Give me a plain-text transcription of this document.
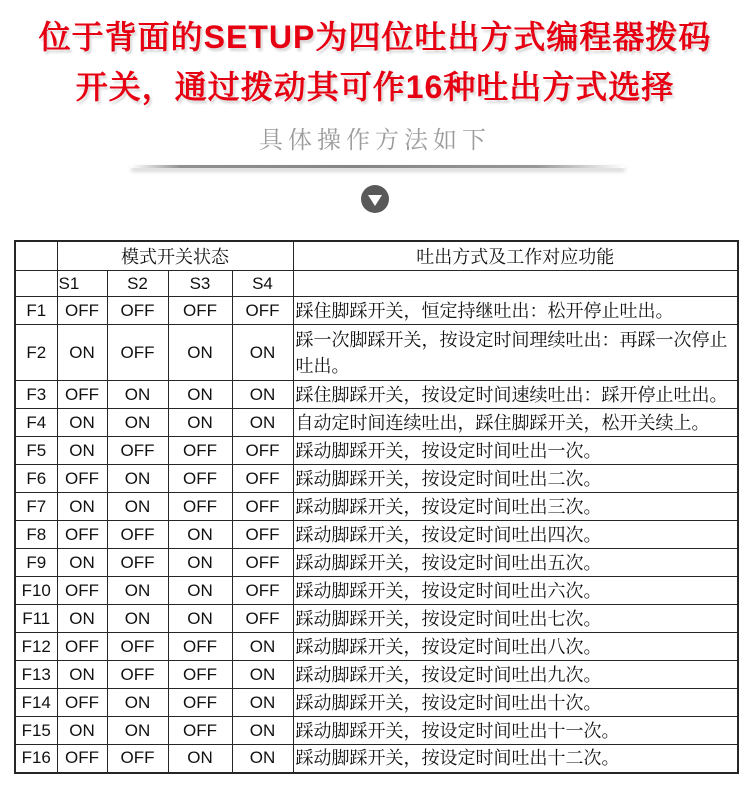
位于背面的SETUP为四位吐出方式编程器拨码
开关，通过拨动其可作16种吐出方式选择
具体操作方法如下
	模式开关状态				吐出方式及工作对应功能
	S1	S2	S3	S4	
F1	OFF	OFF	OFF	OFF	踩住脚踩开关，恒定持继吐出：松开停止吐出。
F2	ON	OFF	ON	ON	踩一次脚踩开关，按设定时间理续吐出：再踩一次停止吐出。
F3	OFF	ON	ON	ON	踩住脚踩开关，按设定时间速续吐出：踩开停止吐出。
F4	ON	ON	ON	ON	自动定时间连续吐出，踩住脚踩开关，松开关续上。
F5	ON	OFF	OFF	OFF	踩动脚踩开关，按设定时间吐出一次。
F6	OFF	ON	OFF	OFF	踩动脚踩开关，按设定时间吐出二次。
F7	ON	ON	OFF	OFF	踩动脚踩开关，按设定时间吐出三次。
F8	OFF	OFF	ON	OFF	踩动脚踩开关，按设定时间吐出四次。
F9	ON	OFF	ON	OFF	踩动脚踩开关，按设定时间吐出五次。
F10	OFF	ON	ON	OFF	踩动脚踩开关，按设定时间吐出六次。
F11	ON	ON	ON	OFF	踩动脚踩开关，按设定时间吐出七次。
F12	OFF	OFF	OFF	ON	踩动脚踩开关，按设定时间吐出八次。
F13	ON	OFF	OFF	ON	踩动脚踩开关，按设定时间吐出九次。
F14	OFF	ON	OFF	ON	踩动脚踩开关，按设定时间吐出十次。
F15	ON	ON	OFF	ON	踩动脚踩开关，按设定时间吐出十一次。
F16	OFF	OFF	ON	ON	踩动脚踩开关，按设定时间吐出十二次。
